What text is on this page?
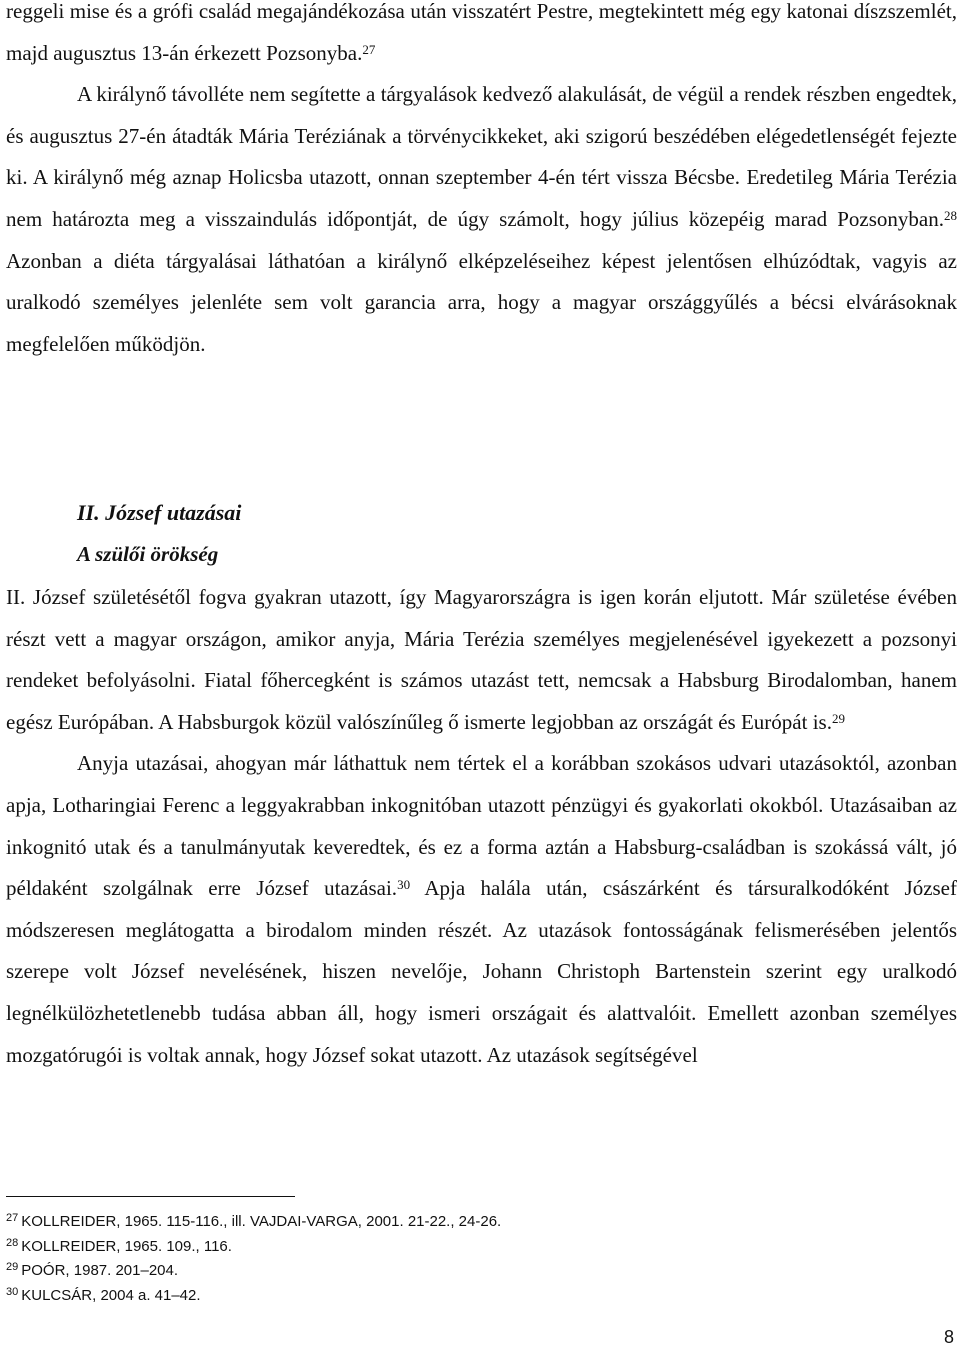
reggeli mise és a grófi család megajándékozása után visszatért Pestre, megtekintett még egy katonai díszszemlét, majd augusztus 13-án érkezett Pozsonyba.$^{27}$

A királynő távolléte nem segítette a tárgyalások kedvező alakulását, de végül a rendek részben engedtek, és augusztus 27-én átadták Mária Teréziának a törvénycikkeket, aki szigorú beszédében elégedetlenségét fejezte ki. A királynő még aznap Holicsba utazott, onnan szeptember 4-én tért vissza Bécsbe. Eredetileg Mária Terézia nem határozta meg a visszaindulás időpontját, de úgy számolt, hogy július közepéig marad Pozsonyban.$^{28}$ Azonban a diéta tárgyalásai láthatóan a királynő elképzeléseihez képest jelentősen elhúzódtak, vagyis az uralkodó személyes jelenléte sem volt garancia arra, hogy a magyar országgyűlés a bécsi elvárásoknak megfelelően működjön.

II. József utazásai
A szülői örökség

II. József születésétől fogva gyakran utazott, így Magyarországra is igen korán eljutott. Már születése évében részt vett a magyar országon, amikor anyja, Mária Terézia személyes megjelenésével igyekezett a pozsonyi rendeket befolyásolni. Fiatal főhercegként is számos utazást tett, nemcsak a Habsburg Birodalomban, hanem egész Európában. A Habsburgok közül valószínűleg ő ismerte legjobban az országát és Európát is.$^{29}$

Anyja utazásai, ahogyan már láthattuk nem tértek el a korábban szokásos udvari utazásoktól, azonban apja, Lotharingiai Ferenc a leggyakrabban inkognitóban utazott pénzügyi és gyakorlati okokból. Utazásaiban az inkognitó utak és a tanulmányutak keveredtek, és ez a forma aztán a Habsburg-családban is szokássá vált, jó példaként szolgálnak erre József utazásai.$^{30}$ Apja halála után, császárként és társuralkodóként József módszeresen meglátogatta a birodalom minden részét. Az utazások fontosságának felismerésében jelentős szerepe volt József nevelésének, hiszen nevelője, Johann Christoph Bartenstein szerint egy uralkodó legnélkülözhetetlenebb tudása abban áll, hogy ismeri országait és alattvalóit. Emellett azonban személyes mozgatórugói is voltak annak, hogy József sokat utazott. Az utazások segítségével

$^{27}$ KOLLREIDER, 1965. 115-116., ill. VAJDAI-VARGA, 2001. 21-22., 24-26.
$^{28}$ KOLLREIDER, 1965. 109., 116.
$^{29}$ POÓR, 1987. 201–204.
$^{30}$ KULCSÁR, 2004 a. 41–42.
8
